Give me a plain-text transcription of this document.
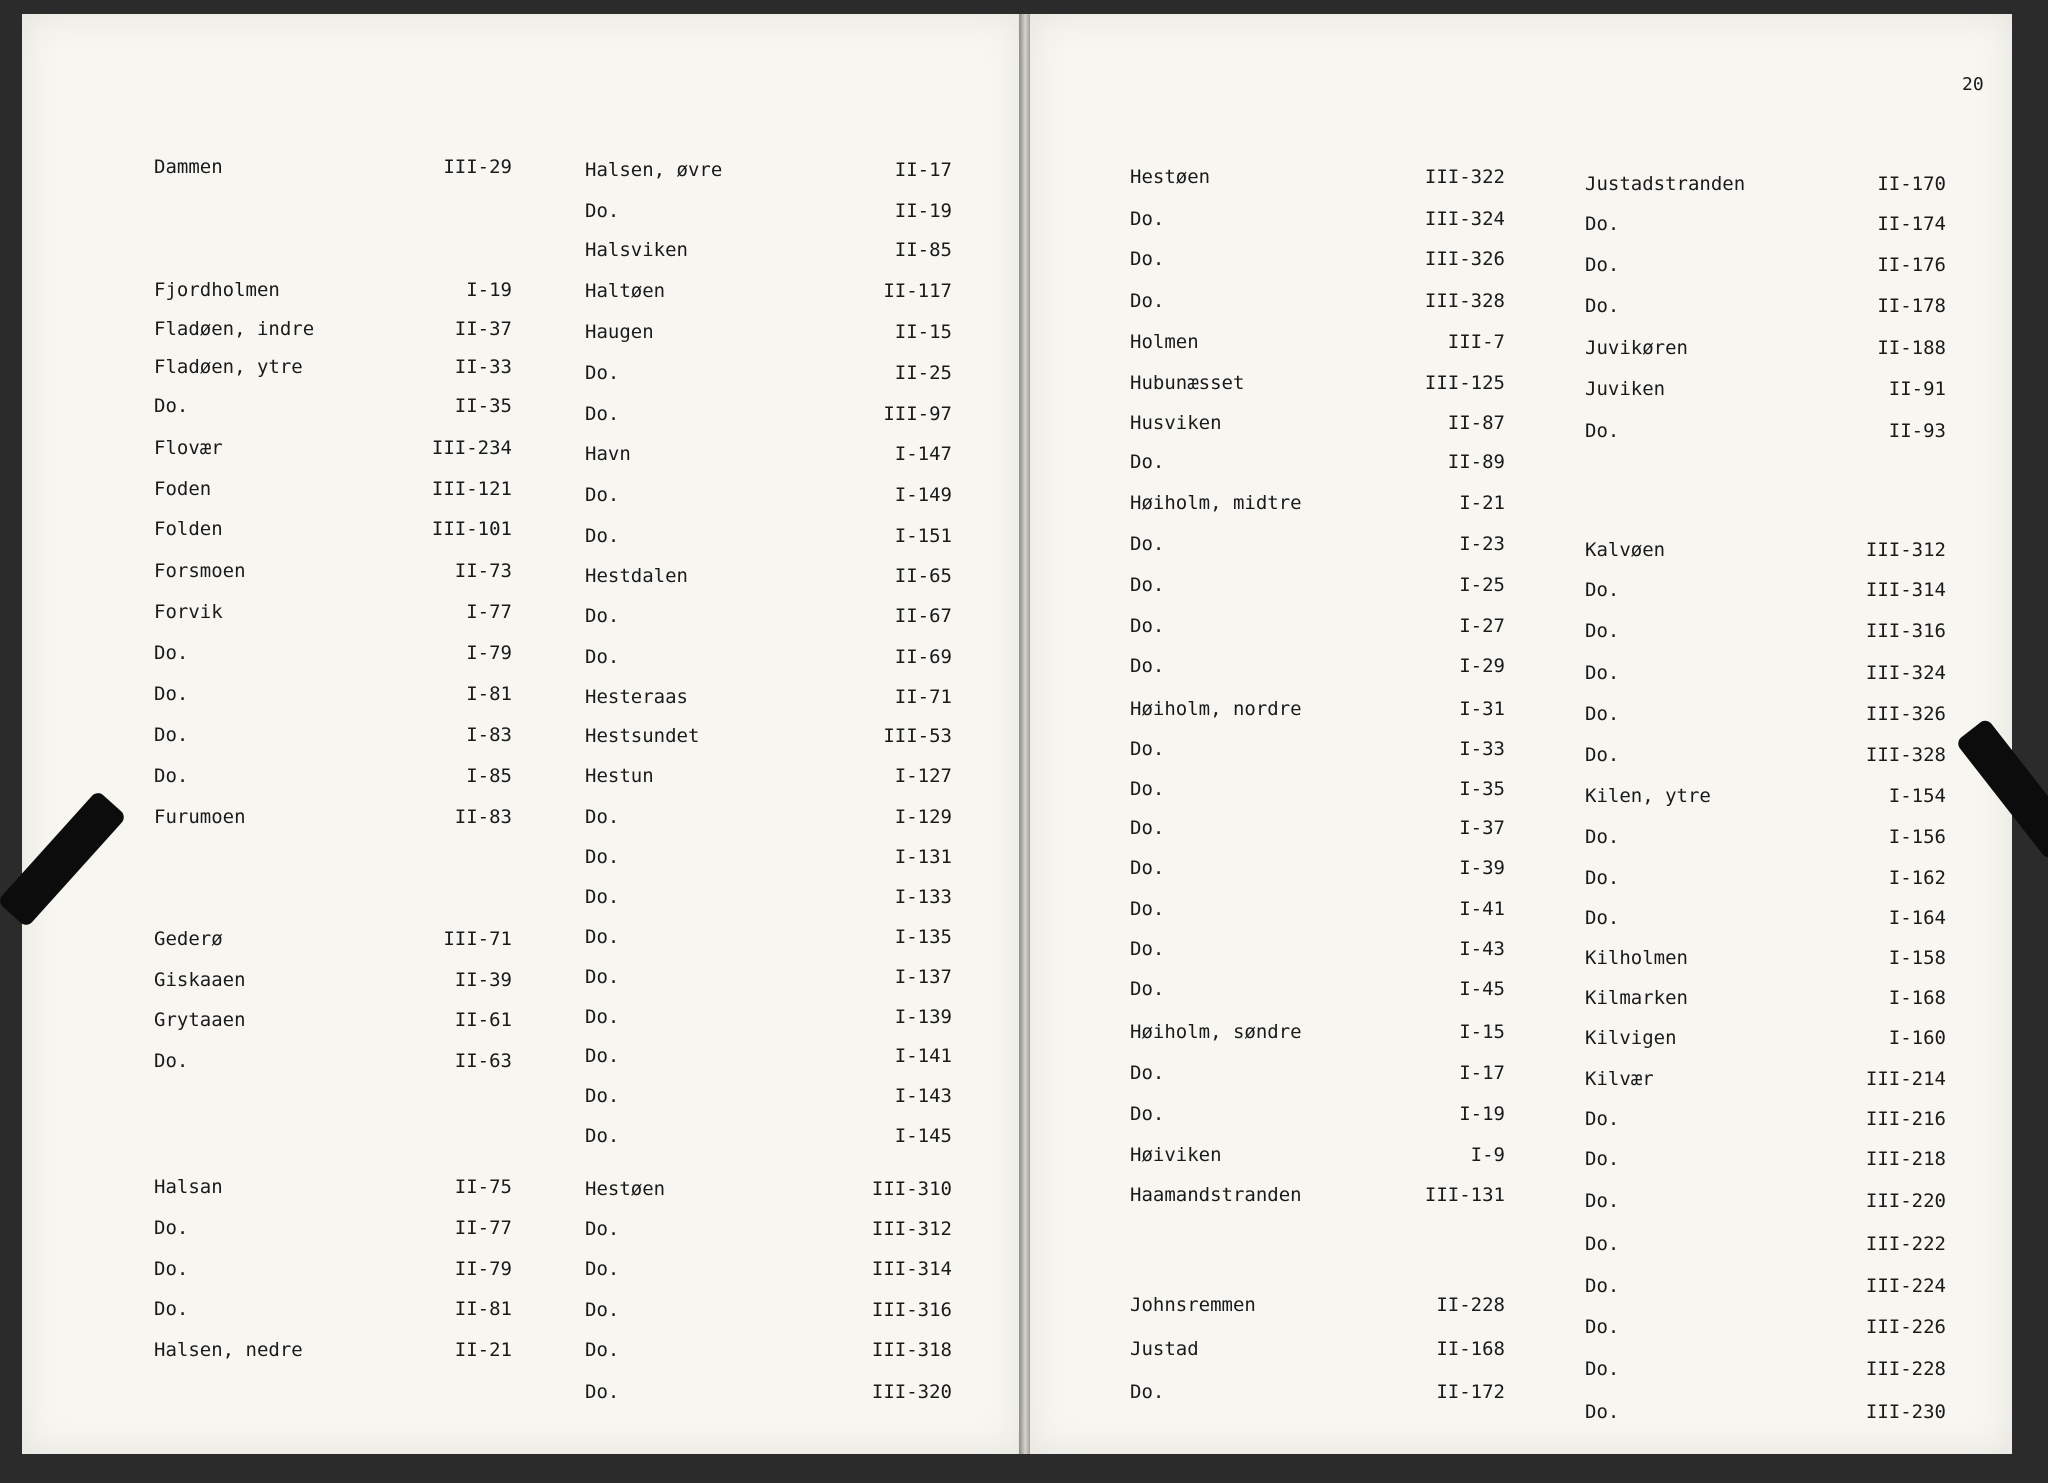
20
Dammen	III-29
Fjordholmen	I-19
Fladøen, indre	II-37
Fladøen, ytre	II-33
Do.	II-35
Flovær	III-234
Foden	III-121
Folden	III-101
Forsmoen	II-73
Forvik	I-77
Do.	I-79
Do.	I-81
Do.	I-83
Do.	I-85
Furumoen	II-83
Gederø	III-71
Giskaaen	II-39
Grytaaen	II-61
Do.	II-63
Halsan	II-75
Do.	II-77
Do.	II-79
Do.	II-81
Halsen, nedre	II-21
Halsen, øvre	II-17
Do.	II-19
Halsviken	II-85
Haltøen	II-117
Haugen	II-15
Do.	II-25
Do.	III-97
Havn	I-147
Do.	I-149
Do.	I-151
Hestdalen	II-65
Do.	II-67
Do.	II-69
Hesteraas	II-71
Hestsundet	III-53
Hestun	I-127
Do.	I-129
Do.	I-131
Do.	I-133
Do.	I-135
Do.	I-137
Do.	I-139
Do.	I-141
Do.	I-143
Do.	I-145
Hestøen	III-310
Do.	III-312
Do.	III-314
Do.	III-316
Do.	III-318
Do.	III-320
Hestøen	III-322
Do.	III-324
Do.	III-326
Do.	III-328
Holmen	III-7
Hubunæsset	III-125
Husviken	II-87
Do.	II-89
Høiholm, midtre	I-21
Do.	I-23
Do.	I-25
Do.	I-27
Do.	I-29
Høiholm, nordre	I-31
Do.	I-33
Do.	I-35
Do.	I-37
Do.	I-39
Do.	I-41
Do.	I-43
Do.	I-45
Høiholm, søndre	I-15
Do.	I-17
Do.	I-19
Høiviken	I-9
Haamandstranden	III-131
Johnsremmen	II-228
Justad	II-168
Do.	II-172
Justadstranden	II-170
Do.	II-174
Do.	II-176
Do.	II-178
Juvikøren	II-188
Juviken	II-91
Do.	II-93
Kalvøen	III-312
Do.	III-314
Do.	III-316
Do.	III-324
Do.	III-326
Do.	III-328
Kilen, ytre	I-154
Do.	I-156
Do.	I-162
Do.	I-164
Kilholmen	I-158
Kilmarken	I-168
Kilvigen	I-160
Kilvær	III-214
Do.	III-216
Do.	III-218
Do.	III-220
Do.	III-222
Do.	III-224
Do.	III-226
Do.	III-228
Do.	III-230
